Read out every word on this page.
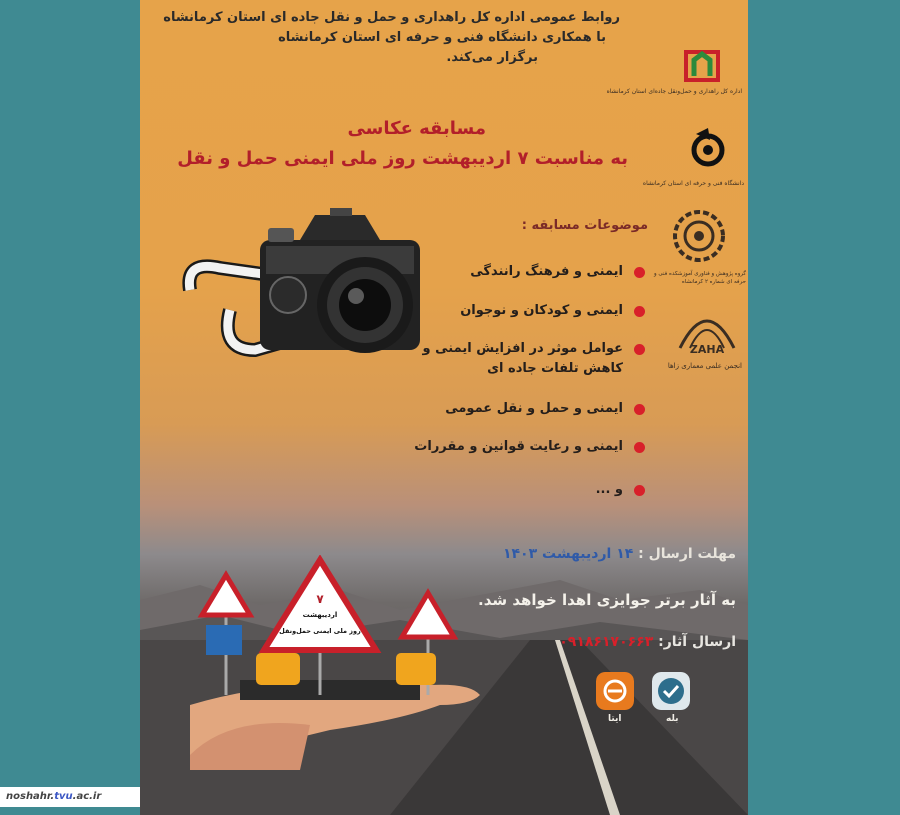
noshahr.tvu.ac.ir
روابط عمومی اداره کل راهداری و حمل و نقل جاده ای استان کرمانشاه
با همکاری دانشگاه فنی و حرفه ای استان کرمانشاه
برگزار می‌کند.
اداره کل راهداری و حمل‌ونقل جاده‌ای استان کرمانشاه
دانشگاه فنی و حرفه ای استان کرمانشاه
گروه پژوهش و فناوری آموزشکده فنی و حرفه ای شماره ۲ کرمانشاه
ZAHA
انجمن علمی معماری زاها
مسابقه عکاسی
به مناسبت ۷ اردیبهشت روز ملی ایمنی حمل و نقل
موضوعات مسابقه :
ایمنی و فرهنگ رانندگی
ایمنی و کودکان و نوجوان
عوامل موثر در افزایش ایمنی و
کاهش تلفات جاده ای
ایمنی و حمل و نقل عمومی
ایمنی و رعایت قوانین و مقررات
و ...
مهلت ارسال : ۱۴ اردیبهشت ۱۴۰۳
به آثار برتر جوایزی اهدا خواهد شد.
ارسال آثار: ۰۹۱۸۶۱۷۰۶۶۳
بله
ایتا
۷
اردیبهشت
روز ملی ایمنی حمل‌ونقل
